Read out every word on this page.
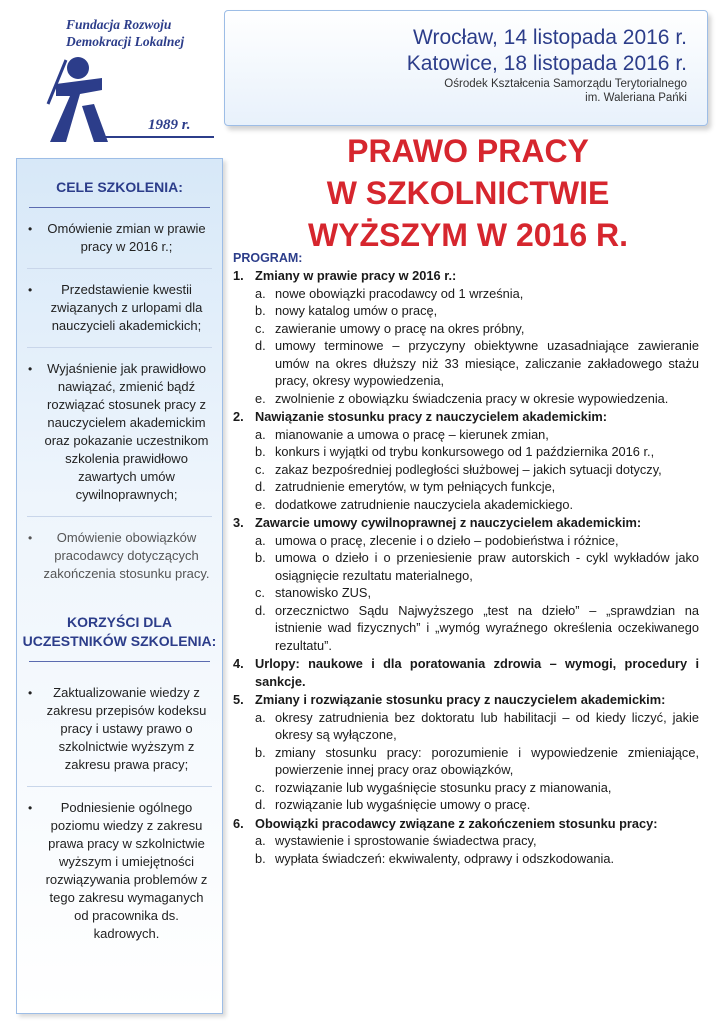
Fundacja Rozwoju
Demokracji Lokalnej
1989 r.
Wrocław, 14 listopada 2016 r.
Katowice, 18 listopada 2016 r.
Ośrodek Kształcenia Samorządu Terytorialnego
im. Waleriana Pańki
CELE SZKOLENIA:
• Omówienie zmian w prawie pracy w 2016 r.;
• Przedstawienie kwestii związanych z urlopami dla nauczycieli akademickich;
• Wyjaśnienie jak prawidłowo nawiązać, zmienić bądź rozwiązać stosunek pracy z nauczycielem akademickim oraz pokazanie uczestnikom szkolenia prawidłowo zawartych umów cywilnoprawnych;
• Omówienie obowiązków pracodawcy dotyczących zakończenia stosunku pracy.
KORZYŚCI DLA UCZESTNIKÓW SZKOLENIA:
• Zaktualizowanie wiedzy z zakresu przepisów kodeksu pracy i ustawy prawo o szkolnictwie wyższym z zakresu prawa pracy;
• Podniesienie ogólnego poziomu wiedzy z zakresu prawa pracy w szkolnictwie wyższym i umiejętności rozwiązywania problemów z tego zakresu wymaganych od pracownika ds. kadrowych.
PRAWO PRACY
W SZKOLNICTWIE
WYŻSZYM W 2016 R.
PROGRAM:
1. Zmiany w prawie pracy w 2016 r.:
a. nowe obowiązki pracodawcy od 1 września,
b. nowy katalog umów o pracę,
c. zawieranie umowy o pracę na okres próbny,
d. umowy terminowe – przyczyny obiektywne uzasadniające zawieranie umów na okres dłuższy niż 33 miesiące, zaliczanie zakładowego stażu pracy, okresy wypowiedzenia,
e. zwolnienie z obowiązku świadczenia pracy w okresie wypowiedzenia.
2. Nawiązanie stosunku pracy z nauczycielem akademickim:
a. mianowanie a umowa o pracę – kierunek zmian,
b. konkurs i wyjątki od trybu konkursowego od 1 października 2016 r.,
c. zakaz bezpośredniej podległości służbowej – jakich sytuacji dotyczy,
d. zatrudnienie emerytów, w tym pełniących funkcje,
e. dodatkowe zatrudnienie nauczyciela akademickiego.
3. Zawarcie umowy cywilnoprawnej z nauczycielem akademickim:
a. umowa o pracę, zlecenie i o dzieło – podobieństwa i różnice,
b. umowa o dzieło i o przeniesienie praw autorskich - cykl wykładów jako osiągnięcie rezultatu materialnego,
c. stanowisko ZUS,
d. orzecznictwo Sądu Najwyższego „test na dzieło” – „sprawdzian na istnienie wad fizycznych” i „wymóg wyraźnego określenia oczekiwanego rezultatu”.
4. Urlopy: naukowe i dla poratowania zdrowia – wymogi, procedury i sankcje.
5. Zmiany i rozwiązanie stosunku pracy z nauczycielem akademickim:
a. okresy zatrudnienia bez doktoratu lub habilitacji – od kiedy liczyć, jakie okresy są wyłączone,
b. zmiany stosunku pracy: porozumienie i wypowiedzenie zmieniające, powierzenie innej pracy oraz obowiązków,
c. rozwiązanie lub wygaśnięcie stosunku pracy z mianowania,
d. rozwiązanie lub wygaśnięcie umowy o pracę.
6. Obowiązki pracodawcy związane z zakończeniem stosunku pracy:
a. wystawienie i sprostowanie świadectwa pracy,
b. wypłata świadczeń: ekwiwalenty, odprawy i odszkodowania.
